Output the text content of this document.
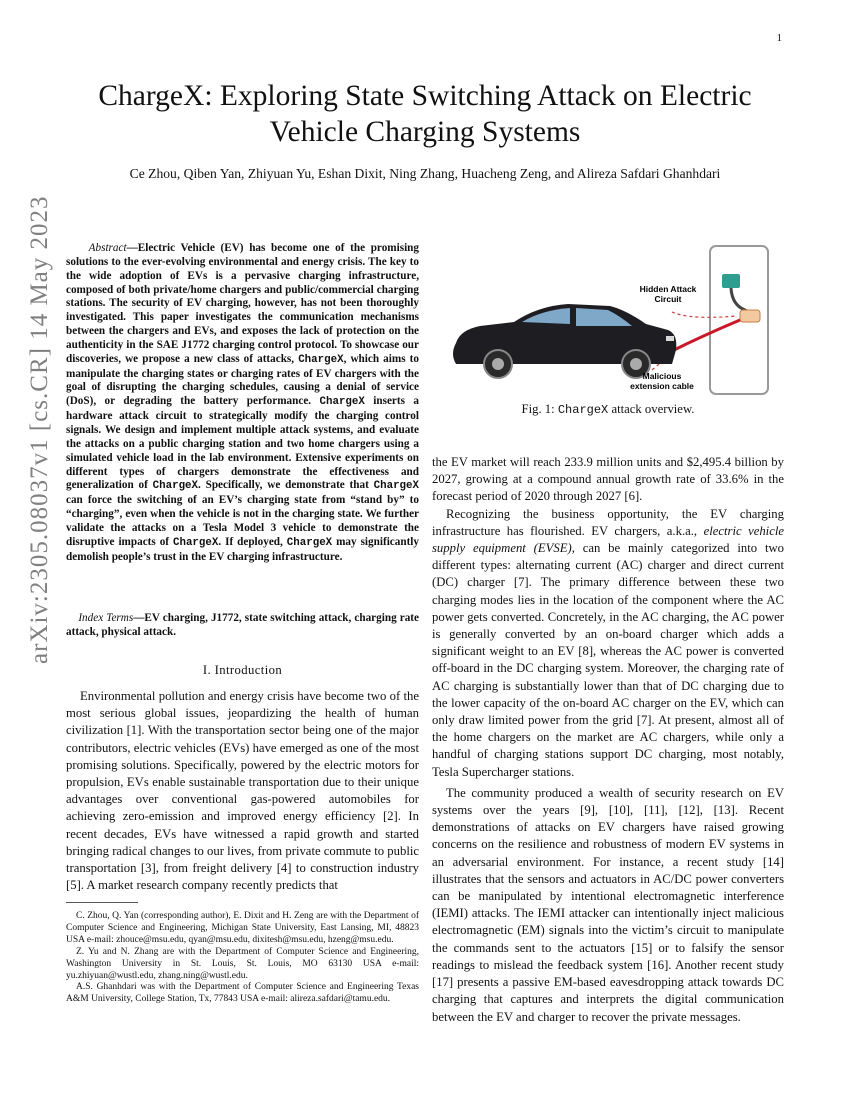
1
arXiv:2305.08037v1 [cs.CR] 14 May 2023
ChargeX: Exploring State Switching Attack on Electric Vehicle Charging Systems
Ce Zhou, Qiben Yan, Zhiyuan Yu, Eshan Dixit, Ning Zhang, Huacheng Zeng, and Alireza Safdari Ghanhdari
Abstract—Electric Vehicle (EV) has become one of the promising solutions to the ever-evolving environmental and energy crisis. The key to the wide adoption of EVs is a pervasive charging infrastructure, composed of both private/home chargers and public/commercial charging stations. The security of EV charging, however, has not been thoroughly investigated. This paper investigates the communication mechanisms between the chargers and EVs, and exposes the lack of protection on the authenticity in the SAE J1772 charging control protocol. To showcase our discoveries, we propose a new class of attacks, ChargeX, which aims to manipulate the charging states or charging rates of EV chargers with the goal of disrupting the charging schedules, causing a denial of service (DoS), or degrading the battery performance. ChargeX inserts a hardware attack circuit to strategically modify the charging control signals. We design and implement multiple attack systems, and evaluate the attacks on a public charging station and two home chargers using a simulated vehicle load in the lab environment. Extensive experiments on different types of chargers demonstrate the effectiveness and generalization of ChargeX. Specifically, we demonstrate that ChargeX can force the switching of an EV’s charging state from “stand by” to “charging”, even when the vehicle is not in the charging state. We further validate the attacks on a Tesla Model 3 vehicle to demonstrate the disruptive impacts of ChargeX. If deployed, ChargeX may significantly demolish people’s trust in the EV charging infrastructure.
Index Terms—EV charging, J1772, state switching attack, charging rate attack, physical attack.
I. Introduction
Environmental pollution and energy crisis have become two of the most serious global issues, jeopardizing the health of human civilization [1]. With the transportation sector being one of the major contributors, electric vehicles (EVs) have emerged as one of the most promising solutions. Specifically, powered by the electric motors for propulsion, EVs enable sustainable transportation due to their unique advantages over conventional gas-powered automobiles for achieving zero-emission and improved energy efficiency [2]. In recent decades, EVs have witnessed a rapid growth and started bringing radical changes to our lives, from private commute to public transportation [3], from freight delivery [4] to construction industry [5]. A market research company recently predicts that

C. Zhou, Q. Yan (corresponding author), E. Dixit and H. Zeng are with the Department of Computer Science and Engineering, Michigan State University, East Lansing, MI, 48823 USA e-mail: zhouce@msu.edu, qyan@msu.edu, dixitesh@msu.edu, hzeng@msu.edu.

Z. Yu and N. Zhang are with the Department of Computer Science and Engineering, Washington University in St. Louis, St. Louis, MO 63130 USA e-mail: yu.zhiyuan@wustl.edu, zhang.ning@wustl.edu.

A.S. Ghanhdari was with the Department of Computer Science and Engineering Texas A&M University, College Station, Tx, 77843 USA e-mail: alireza.safdari@tamu.edu.

Hidden Attack
Circuit
Malicious
extension cable
Fig. 1: ChargeX attack overview.

the EV market will reach 233.9 million units and $2,495.4 billion by 2027, growing at a compound annual growth rate of 33.6% in the forecast period of 2020 through 2027 [6].

Recognizing the business opportunity, the EV charging infrastructure has flourished. EV chargers, a.k.a., electric vehicle supply equipment (EVSE), can be mainly categorized into two different types: alternating current (AC) charger and direct current (DC) charger [7]. The primary difference between these two charging modes lies in the location of the component where the AC power gets converted. Concretely, in the AC charging, the AC power is generally converted by an on-board charger which adds a significant weight to an EV [8], whereas the AC power is converted off-board in the DC charging system. Moreover, the charging rate of AC charging is substantially lower than that of DC charging due to the lower capacity of the on-board AC charger on the EV, which can only draw limited power from the grid [7]. At present, almost all of the home chargers on the market are AC chargers, while only a handful of charging stations support DC charging, most notably, Tesla Supercharger stations.

The community produced a wealth of security research on EV systems over the years [9], [10], [11], [12], [13]. Recent demonstrations of attacks on EV chargers have raised growing concerns on the resilience and robustness of modern EV systems in an adversarial environment. For instance, a recent study [14] illustrates that the sensors and actuators in AC/DC power converters can be manipulated by intentional electromagnetic interference (IEMI) attacks. The IEMI attacker can intentionally inject malicious electromagnetic (EM) signals into the victim’s circuit to manipulate the commands sent to the actuators [15] or to falsify the sensor readings to mislead the feedback system [16]. Another recent study [17] presents a passive EM-based eavesdropping attack towards DC charging that captures and interprets the digital communication between the EV and charger to recover the private messages.
